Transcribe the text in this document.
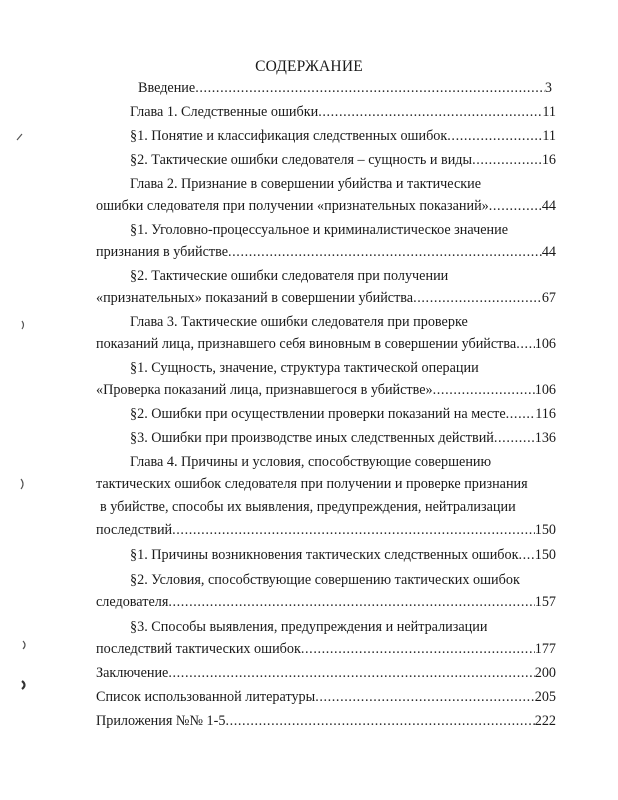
СОДЕРЖАНИЕ
Введение .....	3
Глава 1. Следственные ошибки .....	11
§1. Понятие и классификация следственных ошибок .....	11
§2. Тактические ошибки следователя – сущность и виды .....	16
Глава 2. Признание в совершении убийства и тактические
ошибки следователя при получении «признательных показаний» .....	44
§1. Уголовно-процессуальное и криминалистическое значение
признания в убийстве .....	44
§2. Тактические ошибки следователя при получении
«признательных» показаний в совершении убийства .....	67
Глава 3. Тактические ошибки следователя при проверке
показаний лица, признавшего себя виновным в совершении убийства ..... 106
§1. Сущность, значение, структура тактической операции
«Проверка показаний лица, признавшегося в убийстве» .....	106
§2. Ошибки при осуществлении проверки показаний на месте ..... 116
§3. Ошибки при производстве иных следственных действий .....	136
Глава 4. Причины и условия, способствующие совершению
тактических ошибок следователя при получении и проверке признания
в убийстве, способы их выявления, предупреждения, нейтрализации
последствий .....	150
§1. Причины возникновения тактических следственных ошибок ..... 150
§2. Условия, способствующие совершению тактических ошибок
следователя .....	157
§3. Способы выявления, предупреждения и нейтрализации
последствий тактических ошибок .....	177
Заключение .....	200
Список использованной литературы .....	205
Приложения №№ 1-5 .....	222
